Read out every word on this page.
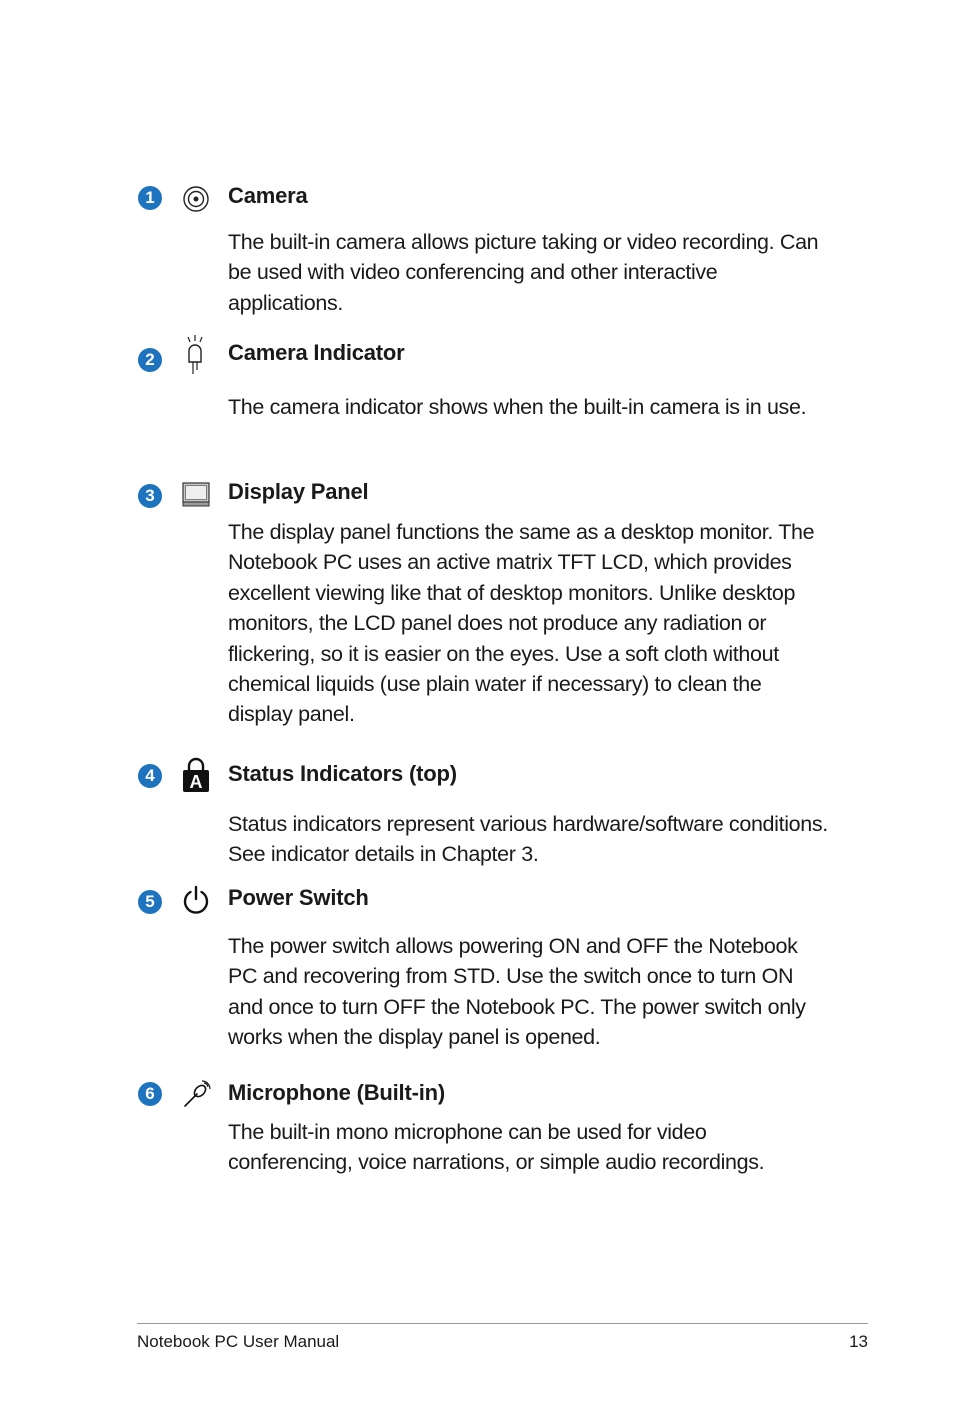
1	Camera

The built-in camera allows picture taking or video recording. Can be used with video conferencing and other interactive applications.

2	Camera Indicator

The camera indicator shows when the built-in camera is in use.

3	Display Panel

The display panel functions the same as a desktop monitor. The Notebook PC uses an active matrix TFT LCD, which provides excellent viewing like that of desktop monitors. Unlike desktop monitors, the LCD panel does not produce any radiation or flickering, so it is easier on the eyes. Use a soft cloth without chemical liquids (use plain water if necessary) to clean the display panel.

4	A Status Indicators (top)

Status indicators represent various hardware/software conditions. See indicator details in Chapter 3.

5	Power Switch

The power switch allows powering ON and OFF the Notebook PC and recovering from STD. Use the switch once to turn ON and once to turn OFF the Notebook PC. The power switch only works when the display panel is opened.

6	Microphone (Built-in)

The built-in mono microphone can be used for video conferencing, voice narrations, or simple audio recordings.

Notebook PC User Manual	13
